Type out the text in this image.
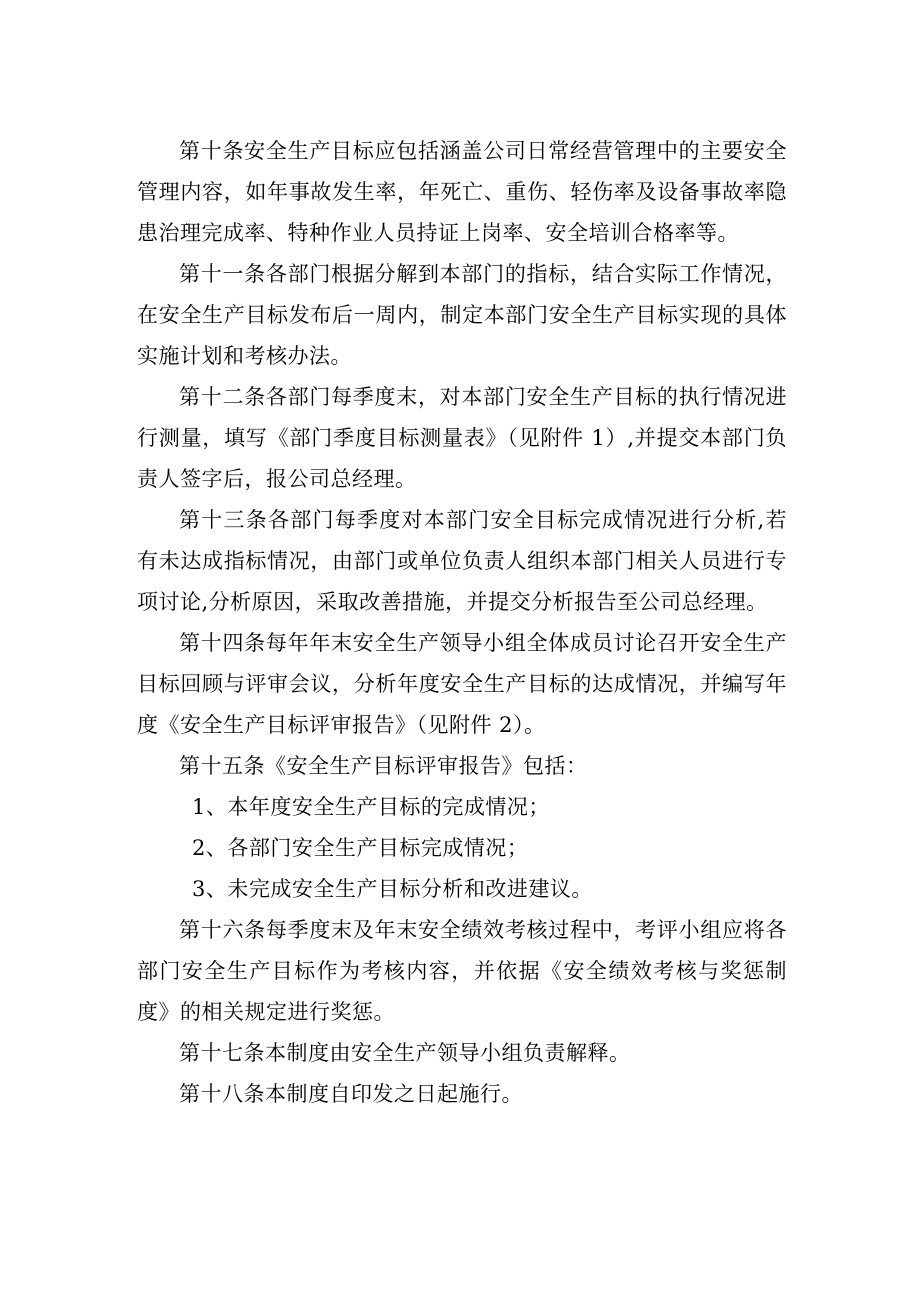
第十条安全生产目标应包括涵盖公司日常经营管理中的主要安全管理内容，如年事故发生率，年死亡、重伤、轻伤率及设备事故率隐患治理完成率、特种作业人员持证上岗率、安全培训合格率等。

第十一条各部门根据分解到本部门的指标，结合实际工作情况，在安全生产目标发布后一周内，制定本部门安全生产目标实现的具体实施计划和考核办法。

第十二条各部门每季度末，对本部门安全生产目标的执行情况进行测量，填写《部门季度目标测量表》（见附件 1）,并提交本部门负责人签字后，报公司总经理。

第十三条各部门每季度对本部门安全目标完成情况进行分析,若有未达成指标情况，由部门或单位负责人组织本部门相关人员进行专项讨论,分析原因，采取改善措施，并提交分析报告至公司总经理。

第十四条每年年末安全生产领导小组全体成员讨论召开安全生产目标回顾与评审会议，分析年度安全生产目标的达成情况，并编写年度《安全生产目标评审报告》（见附件 2）。

第十五条《安全生产目标评审报告》包括：

1、本年度安全生产目标的完成情况；

2、各部门安全生产目标完成情况；

3、未完成安全生产目标分析和改进建议。

第十六条每季度末及年末安全绩效考核过程中，考评小组应将各部门安全生产目标作为考核内容，并依据《安全绩效考核与奖惩制度》的相关规定进行奖惩。

第十七条本制度由安全生产领导小组负责解释。

第十八条本制度自印发之日起施行。
